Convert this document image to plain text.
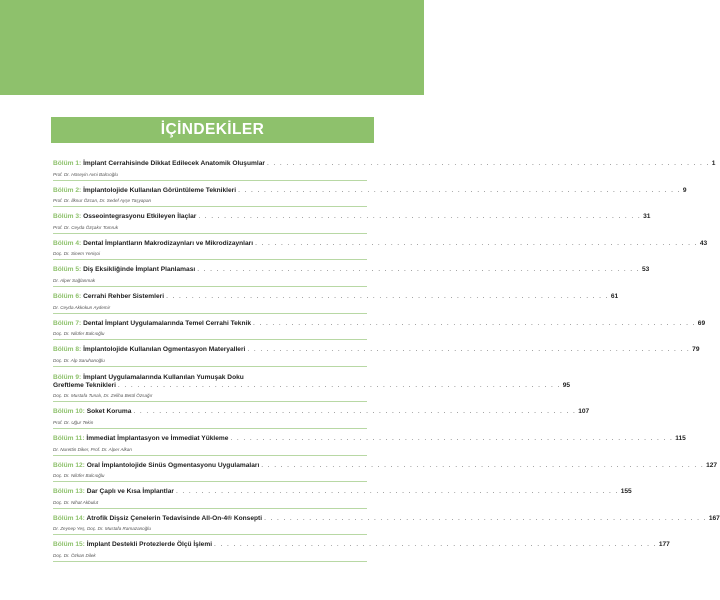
İÇİNDEKİLER
Bölüm 1: İmplant Cerrahisinde Dikkat Edilecek Anatomik Oluşumlar . . . . . . . . . . . . . . . . . . . . . . . . . . . . . . . . . . . . . . . . . . . . . . . . . . . . . . . . . . . . . . . . . . . . . 1
Prof. Dr. Hüseyin Avni Balcıoğlu
Bölüm 2: İmplantolojide Kullanılan Görüntüleme Teknikleri . . . . . . . . . . . . . . . . . . . . . . . . . . . . . . . . . . . . . . . . . . . . . . . . . . . . . . . . . . . . . . . . . . . . . 9
Prof. Dr. İlknur Özcan, Dr. Sedef Ayşe Taşyapan
Bölüm 3: Osseointegrasyonu Etkileyen İlaçlar . . . . . . . . . . . . . . . . . . . . . . . . . . . . . . . . . . . . . . . . . . . . . . . . . . . . . . . . . . . . . . . . . . . . . 31
Prof. Dr. Ceyda Özçakır Tomruk
Bölüm 4: Dental İmplantların Makrodizaynları ve Mikrodizaynları . . . . . . . . . . . . . . . . . . . . . . . . . . . . . . . . . . . . . . . . . . . . . . . . . . . . . . . . . . . . . . . . . . . . . 43
Doç. Dr. Sinem Yenişoi
Bölüm 5: Diş Eksikliğinde İmplant Planlaması . . . . . . . . . . . . . . . . . . . . . . . . . . . . . . . . . . . . . . . . . . . . . . . . . . . . . . . . . . . . . . . . . . . . . 53
Dr. Alper Sağlanmak
Bölüm 6: Cerrahi Rehber Sistemleri . . . . . . . . . . . . . . . . . . . . . . . . . . . . . . . . . . . . . . . . . . . . . . . . . . . . . . . . . . . . . . . . . . . . . 61
Dr. Ceyda Akkokun Aydemir
Bölüm 7: Dental İmplant Uygulamalarında Temel Cerrahi Teknik . . . . . . . . . . . . . . . . . . . . . . . . . . . . . . . . . . . . . . . . . . . . . . . . . . . . . . . . . . . . . . . . . . . . . 69
Doç. Dr. Nilüfer Balcıoğlu
Bölüm 8: İmplantolojide Kullanılan Ogmentasyon Materyalleri . . . . . . . . . . . . . . . . . . . . . . . . . . . . . . . . . . . . . . . . . . . . . . . . . . . . . . . . . . . . . . . . . . . . . 79
Doç. Dr. Alp Saruhanoğlu
Bölüm 9: İmplant Uygulamalarında Kullanılan Yumuşak Doku
Greftleme Teknikleri . . . . . . . . . . . . . . . . . . . . . . . . . . . . . . . . . . . . . . . . . . . . . . . . . . . . . . . . . . . . . . . . . . . . . 95
Doç. Dr. Mustafa Tunalı, Dr. Zeliha Betül Özsağır
Bölüm 10: Soket Koruma . . . . . . . . . . . . . . . . . . . . . . . . . . . . . . . . . . . . . . . . . . . . . . . . . . . . . . . . . . . . . . . . . . . . . 107
Prof. Dr. Uğur Tekin
Bölüm 11: İmmediat İmplantasyon ve İmmediat Yükleme . . . . . . . . . . . . . . . . . . . . . . . . . . . . . . . . . . . . . . . . . . . . . . . . . . . . . . . . . . . . . . . . . . . . . 115
Dr. Nurettin Diker, Prof. Dr. Alper Alkan
Bölüm 12: Oral İmplantolojide Sinüs Ogmentasyonu Uygulamaları . . . . . . . . . . . . . . . . . . . . . . . . . . . . . . . . . . . . . . . . . . . . . . . . . . . . . . . . . . . . . . . . . . . . . 127
Doç. Dr. Nilüfer Balcıoğlu
Bölüm 13: Dar Çaplı ve Kısa İmplantlar . . . . . . . . . . . . . . . . . . . . . . . . . . . . . . . . . . . . . . . . . . . . . . . . . . . . . . . . . . . . . . . . . . . . . 155
Doç. Dr. Nihat Akbulut
Bölüm 14: Atrofik Dişsiz Çenelerin Tedavisinde All-On-4® Konsepti . . . . . . . . . . . . . . . . . . . . . . . . . . . . . . . . . . . . . . . . . . . . . . . . . . . . . . . . . . . . . . . . . . . . . 167
Dr. Zeynep Yeş, Doç. Dr. Mustafa Ramazanoğlu
Bölüm 15: İmplant Destekli Protezlerde Ölçü İşlemi . . . . . . . . . . . . . . . . . . . . . . . . . . . . . . . . . . . . . . . . . . . . . . . . . . . . . . . . . . . . . . . . . . . . . 177
Doç. Dr. Özkan Dilek
